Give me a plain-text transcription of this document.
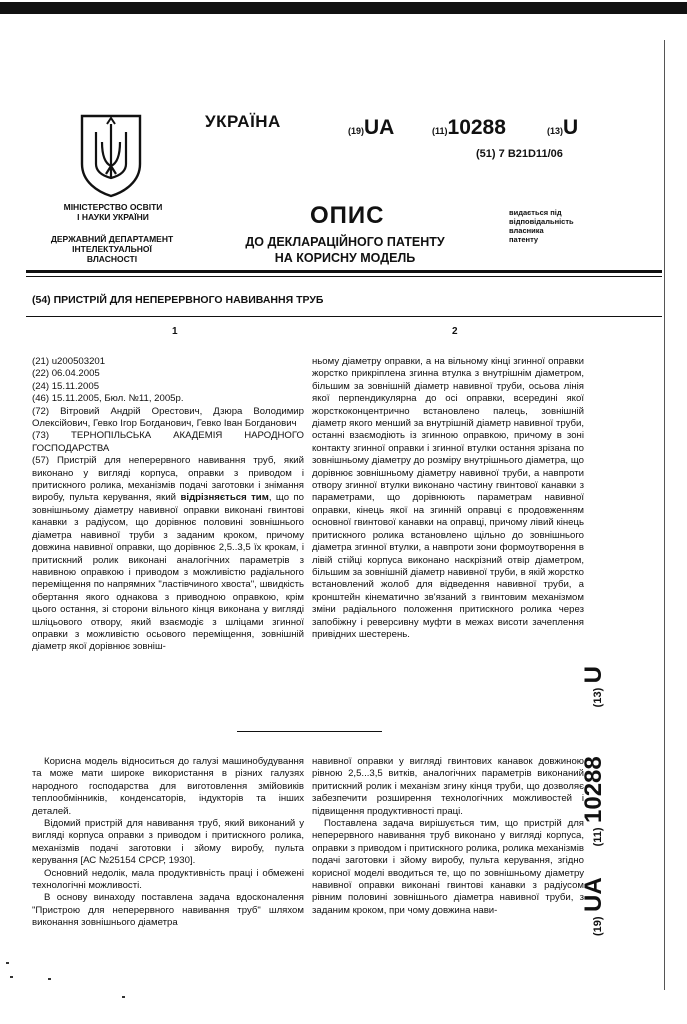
МІНІСТЕРСТВО ОСВІТИ
І НАУКИ УКРАЇНИ
ДЕРЖАВНИЙ ДЕПАРТАМЕНТ
ІНТЕЛЕКТУАЛЬНОЇ
ВЛАСНОСТІ
УКРАЇНА	(19)UA	(11)10288	(13)U
(51) 7 B21D11/06
ОПИС
ДО ДЕКЛАРАЦІЙНОГО ПАТЕНТУ
НА КОРИСНУ МОДЕЛЬ
видається під
відповідальність
власника
патенту
(54) ПРИСТРІЙ ДЛЯ НЕПЕРЕРВНОГО НАВИВАННЯ ТРУБ
1	2

(21) u200503201

(22) 06.04.2005

(24) 15.11.2005

(46) 15.11.2005, Бюл. №11, 2005р.

(72) Вітровий Андрій Орестович, Дзюра Володимир Олексійович, Гевко Ігор Богданович, Гевко Іван Богданович

(73) ТЕРНОПІЛЬСЬКА АКАДЕМІЯ НАРОДНОГО ГОСПОДАРСТВА

(57) Пристрій для неперервного навивання труб, який виконано у вигляді корпуса, оправки з приводом і притискного ролика, механізмів подачі заготовки і знімання виробу, пульта керування, який відрізняється тим, що по зовнішньому діаметру навивної оправки виконані гвинтові канавки з радіусом, що дорівнює половині зовнішнього діаметра навивної труби з заданим кроком, причому довжина навивної оправки, що дорівнює 2,5..3,5 їх крокам, і притискний ролик виконані аналогічних параметрів з навивною оправкою і приводом з можливістю радіального переміщення по напрямних "ластівчиного хвоста", швидкість обертання якого однакова з приводною оправкою, крім цього остання, зі сторони вільного кінця виконана у вигляді шліцьового отвору, який взаємодіє з шліцами згинної оправки з можливістю осьового переміщення, зовнішній діаметр якої дорівнює зовніш-

ньому діаметру оправки, а на вільному кінці згинної оправки жорстко прикріплена згинна втулка з внутрішнім діаметром, більшим за зовнішній діаметр навивної труби, осьова лінія якої перпендикулярна до осі оправки, всередині якої жорсткоконцентрично встановлено палець, зовнішній діаметр якого менший за внутрішній діаметр навивної труби, останні взаємодіють із згинною оправкою, причому в зоні контакту згинної оправки і згинної втулки остання зрізана по зовнішньому діаметру до розміру внутрішнього діаметра, що дорівнює зовнішньому діаметру навивної труби, а навпроти отвору згинної втулки виконано частину гвинтової канавки з параметрами, що дорівнюють параметрам навивної оправки, кінець якої на згинній оправці є продовженням основної гвинтової канавки на оправці, причому лівий кінець притискного ролика встановлено щільно до зовнішнього діаметра згинної втулки, а навпроти зони формоутворення в лівій стійці корпуса виконано наскрізний отвір діаметром, більшим за зовнішній діаметр навивної труби, в якій жорстко встановлений жолоб для відведення навивної труби, а кронштейн кінематично зв'язаний з гвинтовим механізмом зміни радіального положення притискного ролика через запобіжну і реверсивну муфти в межах висоти зачеплення привідних шестерень.

Корисна модель відноситься до галузі машинобудування та може мати широке використання в різних галузях народного господарства для виготовлення змійовиків теплообмінників, конденсаторів, індукторів та інших деталей.

Відомий пристрій для навивання труб, який виконаний у вигляді корпуса оправки з приводом і притискного ролика, механізмів подачі заготовки і зйому виробу, пульта керування [АС №25154 СРСР, 1930].

Основний недолік, мала продуктивність праці і обмежені технологічні можливості.

В основу винаходу поставлена задача вдосконалення "Пристрою для неперервного навивання труб" шляхом виконання зовнішнього діаметра

навивної оправки у вигляді гвинтових канавок довжиною рівною 2,5...3,5 витків, аналогічних параметрів виконаний притискний ролик і механізм згину кінця труби, що дозволяє забезпечити розширення технологічних можливостей і підвищення продуктивності праці.

Поставлена задача вирішується тим, що пристрій для неперервного навивання труб виконано у вигляді корпуса, оправки з приводом і притискного ролика, ролика механізмів подачі заготовки і зйому виробу, пульта керування, згідно корисної моделі вводиться те, що по зовнішньому діаметру навивної оправки виконані гвинтові канавки з радіусом рівним половині зовнішнього діаметра навивної труби, з заданим кроком, при чому довжина нави-

(19) UA  (11) 10288  (13) U
